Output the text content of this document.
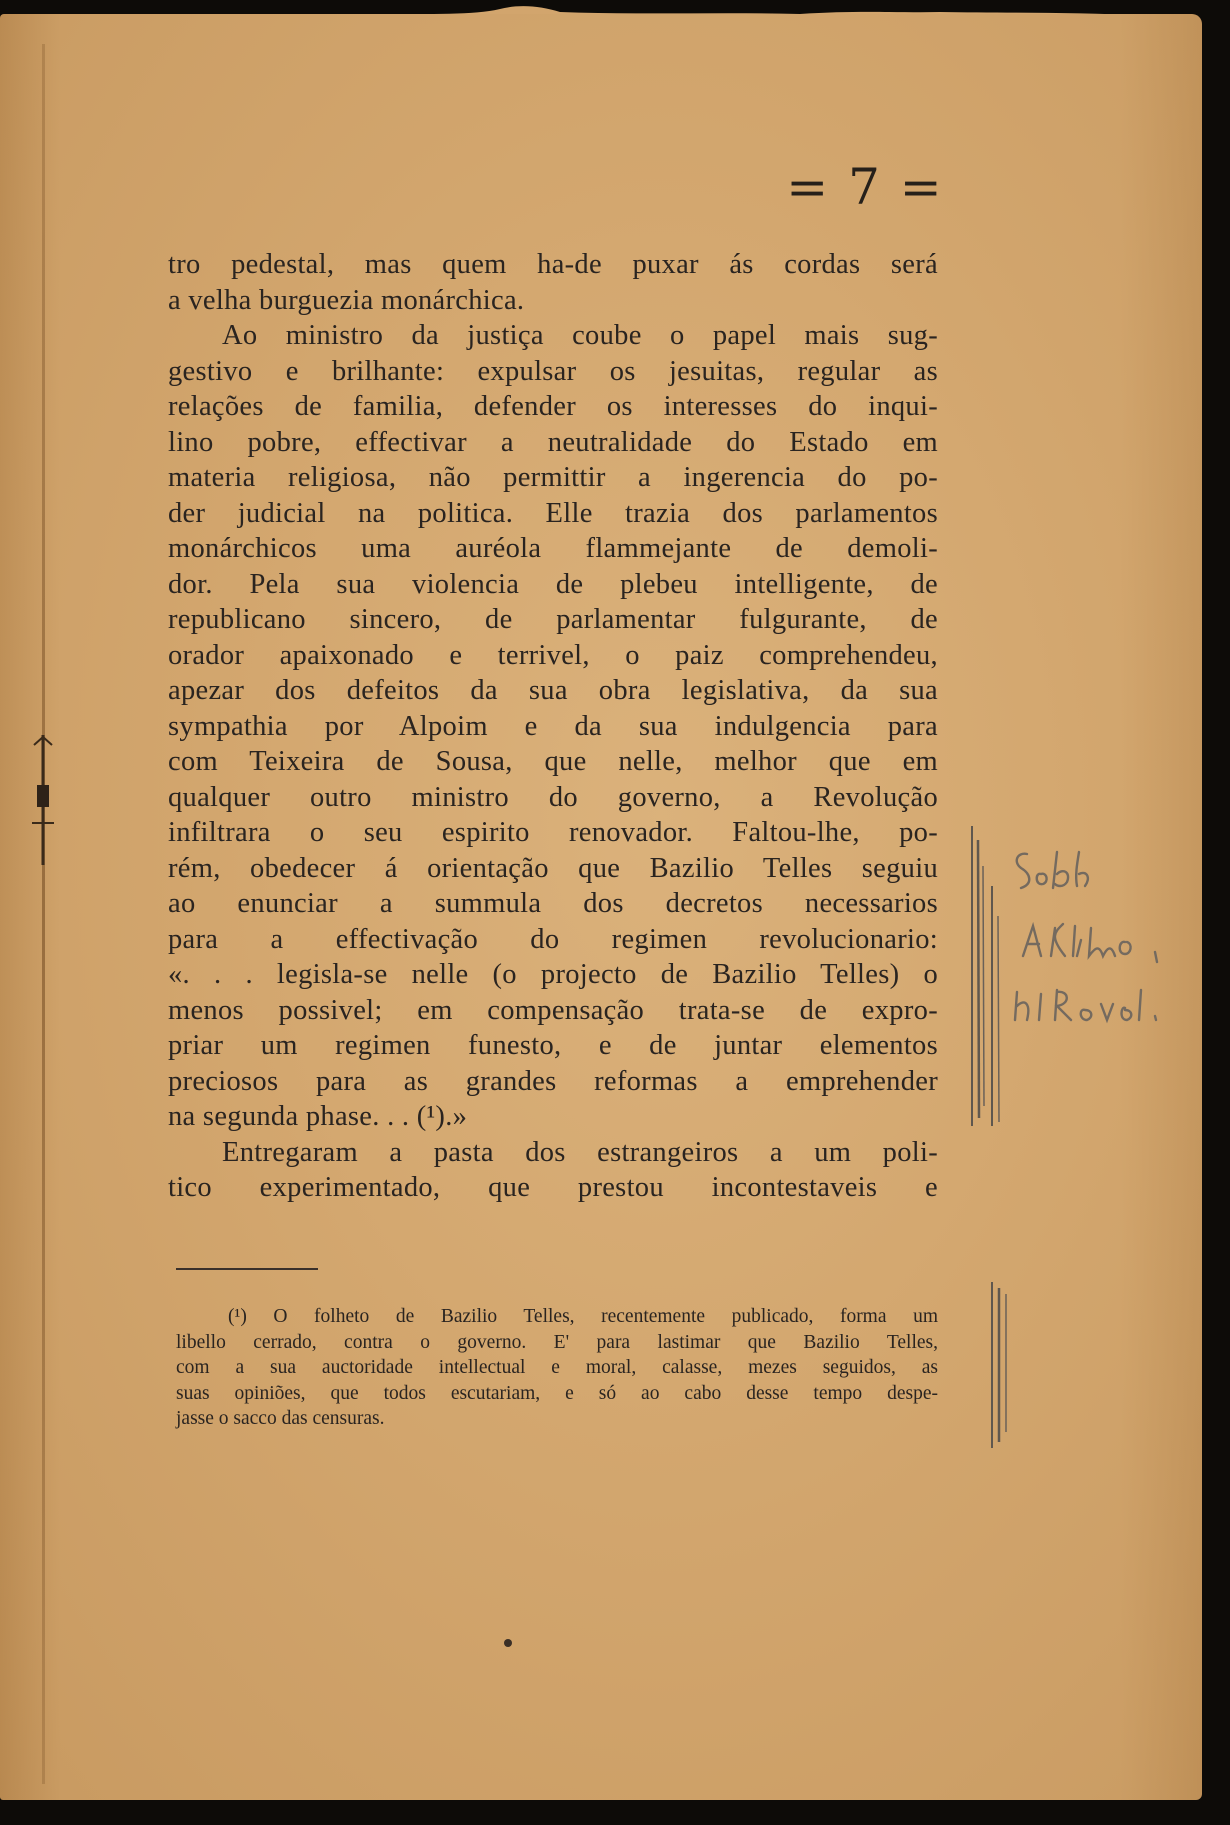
= 7 =
tro pedestal, mas quem ha-de puxar ás cordas será
a velha burguezia monárchica.
Ao ministro da justiça coube o papel mais sug-
gestivo e brilhante: expulsar os jesuitas, regular as
relações de familia, defender os interesses do inqui-
lino pobre, effectivar a neutralidade do Estado em
materia religiosa, não permittir a ingerencia do po-
der judicial na politica. Elle trazia dos parlamentos
monárchicos uma auréola flammejante de demoli-
dor. Pela sua violencia de plebeu intelligente, de
republicano sincero, de parlamentar fulgurante, de
orador apaixonado e terrivel, o paiz comprehendeu,
apezar dos defeitos da sua obra legislativa, da sua
sympathia por Alpoim e da sua indulgencia para
com Teixeira de Sousa, que nelle, melhor que em
qualquer outro ministro do governo, a Revolução
infiltrara o seu espirito renovador. Faltou-lhe, po-
rém, obedecer á orientação que Bazilio Telles seguiu
ao enunciar a summula dos decretos necessarios
para a effectivação do regimen revolucionario:
«. . . legisla-se nelle (o projecto de Bazilio Telles) o
menos possivel; em compensação trata-se de expro-
priar um regimen funesto, e de juntar elementos
preciosos para as grandes reformas a emprehender
na segunda phase. . . (¹).»
Entregaram a pasta dos estrangeiros a um poli-
tico experimentado, que prestou incontestaveis e
(¹) O folheto de Bazilio Telles, recentemente publicado, forma um
libello cerrado, contra o governo. E' para lastimar que Bazilio Telles,
com a sua auctoridade intellectual e moral, calasse, mezes seguidos, as
suas opiniões, que todos escutariam, e só ao cabo desse tempo despe-
jasse o sacco das censuras.
